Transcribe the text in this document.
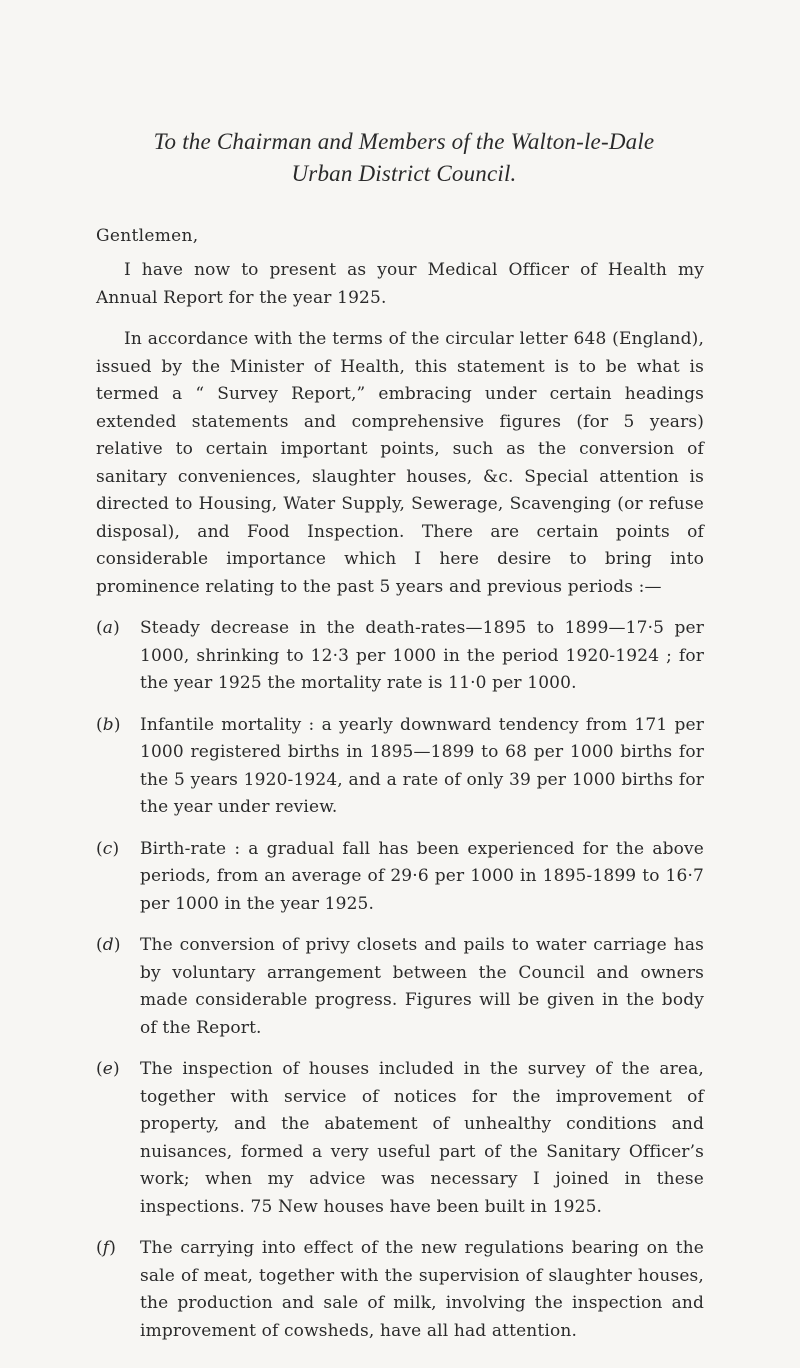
To the Chairman and Members of the Walton-le-Dale
Urban District Council.

Gentlemen,

I have now to present as your Medical Officer of Health my Annual Report for the year 1925.

In accordance with the terms of the circular letter 648 (England), issued by the Minister of Health, this statement is to be what is termed a “ Survey Report,” embracing under certain headings extended statements and comprehensive figures (for 5 years) relative to certain important points, such as the conversion of sanitary conveniences, slaughter houses, &c. Special attention is directed to Housing, Water Supply, Sewerage, Scavenging (or refuse disposal), and Food Inspection. There are certain points of considerable importance which I here desire to bring into prominence relating to the past 5 years and previous periods :—

(a)	Steady decrease in the death-rates—1895 to 1899—17·5 per 1000, shrinking to 12·3 per 1000 in the period 1920-1924 ; for the year 1925 the mortality rate is 11·0 per 1000.
(b)	Infantile mortality : a yearly downward tendency from 171 per 1000 registered births in 1895—1899 to 68 per 1000 births for the 5 years 1920-1924, and a rate of only 39 per 1000 births for the year under review.
(c)	Birth-rate : a gradual fall has been experienced for the above periods, from an average of 29·6 per 1000 in 1895-1899 to 16·7 per 1000 in the year 1925.
(d)	The conversion of privy closets and pails to water carriage has by voluntary arrangement between the Council and owners made considerable progress. Figures will be given in the body of the Report.
(e)	The inspection of houses included in the survey of the area, together with service of notices for the improvement of property, and the abatement of unhealthy conditions and nuisances, formed a very useful part of the Sanitary Officer’s work; when my advice was necessary I joined in these inspections. 75 New houses have been built in 1925.
(f)	The carrying into effect of the new regulations bearing on the sale of meat, together with the supervision of slaughter houses, the production and sale of milk, involving the inspection and improvement of cowsheds, have all had attention.
